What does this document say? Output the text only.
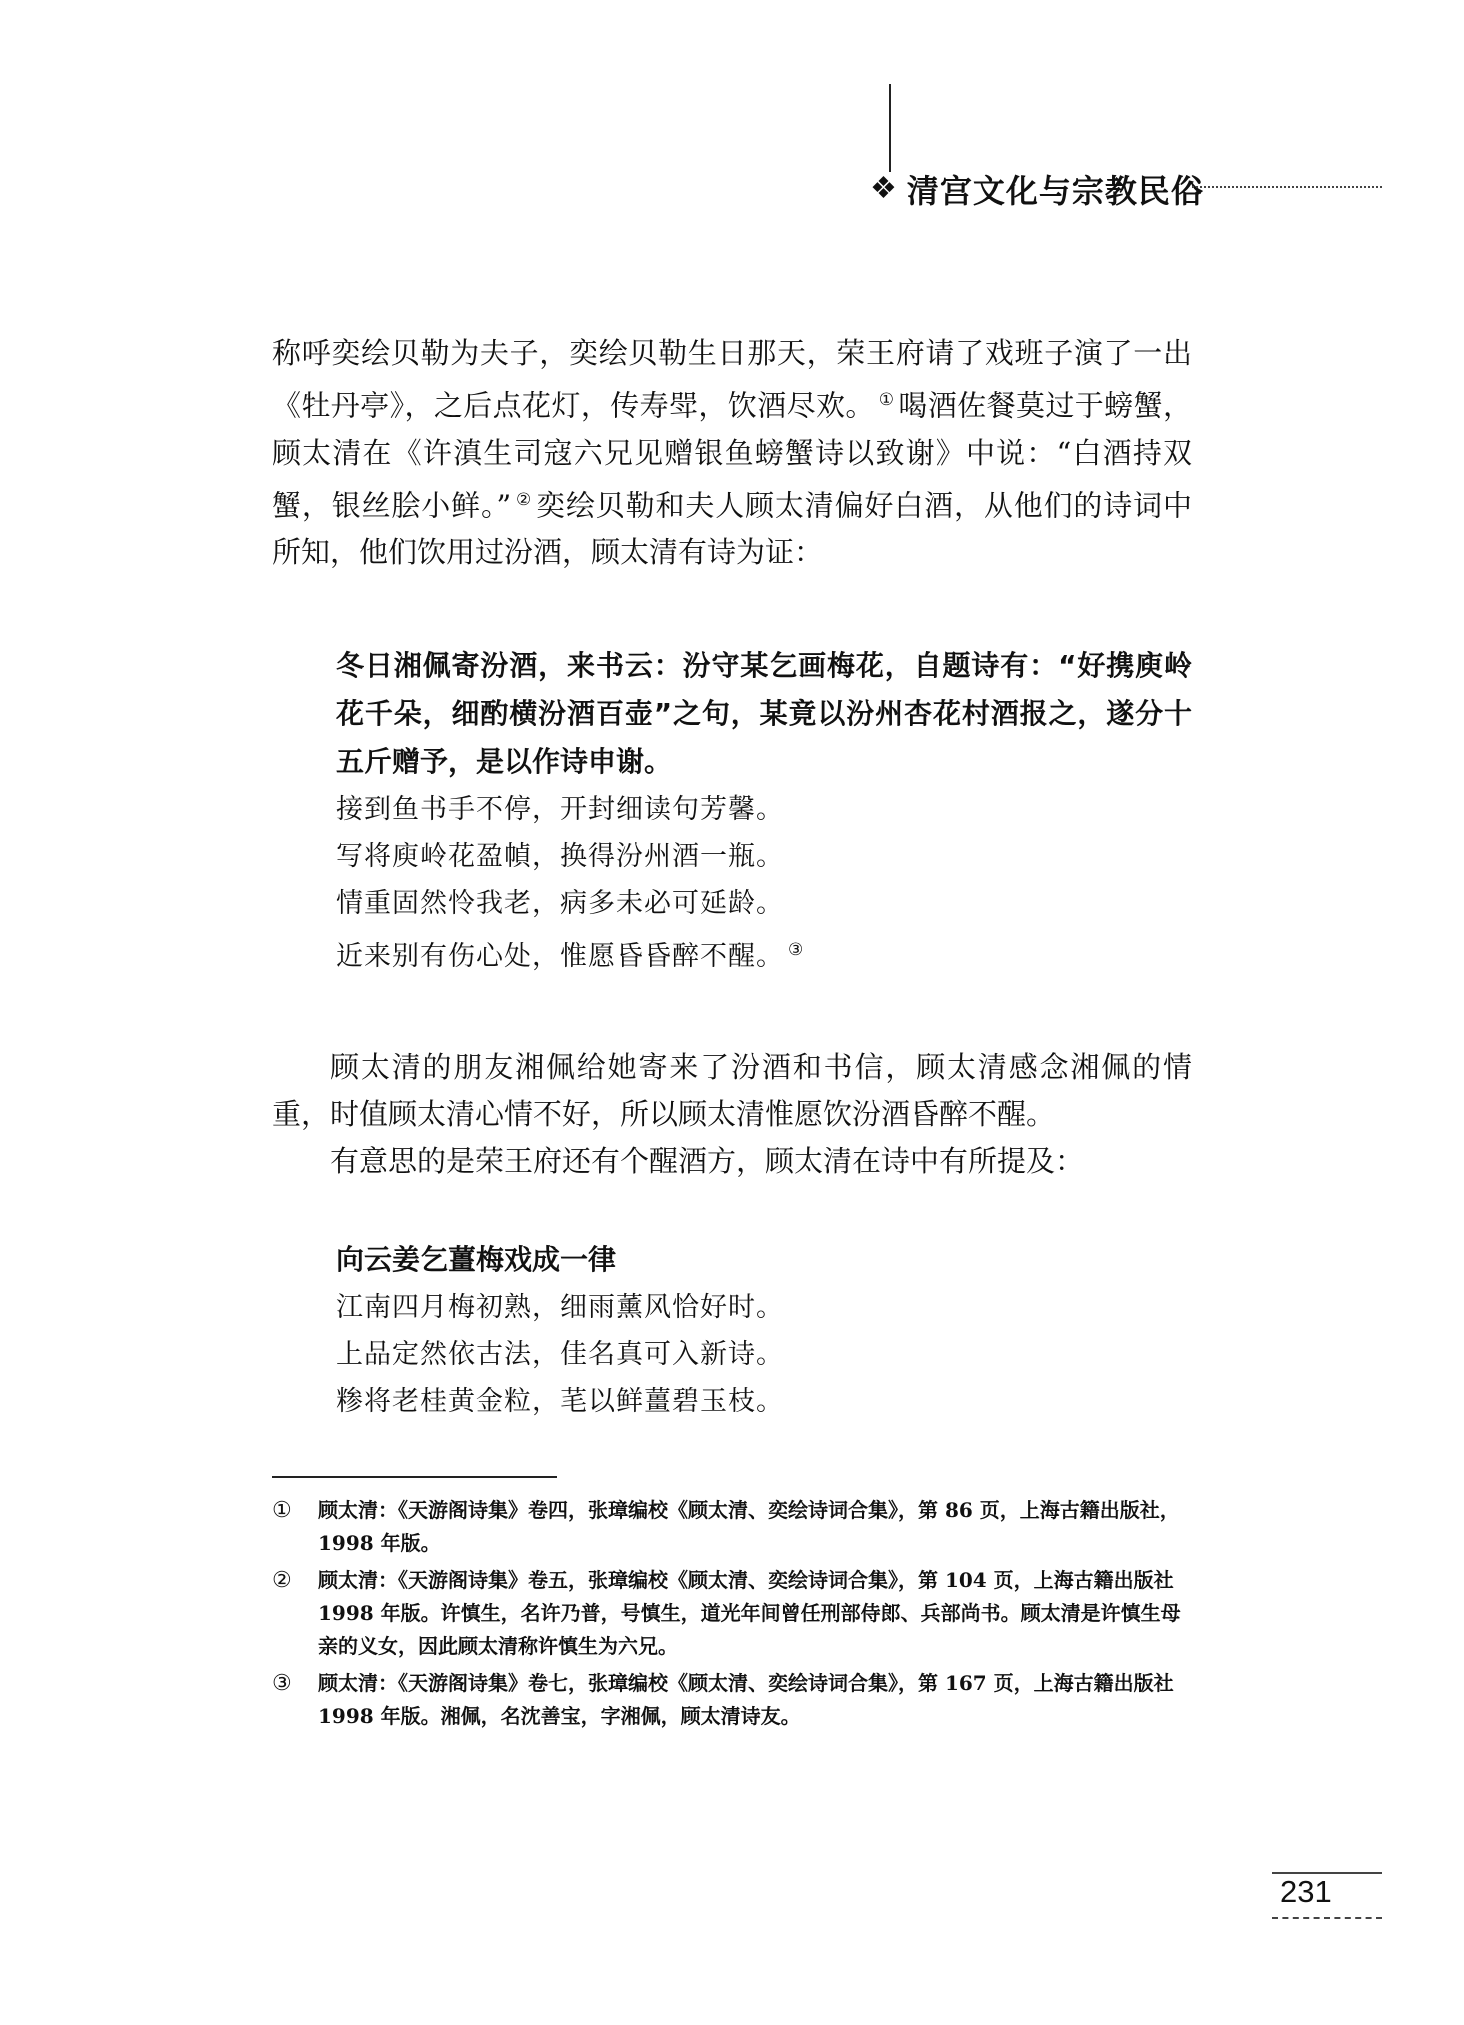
❖ 清宫文化与宗教民俗

称呼奕绘贝勒为夫子，奕绘贝勒生日那天，荣王府请了戏班子演了一出《牡丹亭》，之后点花灯，传寿斝，饮酒尽欢。 ① 喝酒佐餐莫过于螃蟹，顾太清在《许滇生司寇六兄见赠银鱼螃蟹诗以致谢》中说：“白酒持双蟹，银丝脍小鲜。” ② 奕绘贝勒和夫人顾太清偏好白酒，从他们的诗词中所知，他们饮用过汾酒，顾太清有诗为证：

冬日湘佩寄汾酒，来书云：汾守某乞画梅花，自题诗有：“好携庾岭花千朵，细酌横汾酒百壶”之句，某竟以汾州杏花村酒报之，遂分十五斤赠予，是以作诗申谢。

接到鱼书手不停，开封细读句芳馨。

写将庾岭花盈幀，换得汾州酒一瓶。

情重固然怜我老，病多未必可延龄。

近来别有伤心处，惟愿昏昏醉不醒。 ③

顾太清的朋友湘佩给她寄来了汾酒和书信，顾太清感念湘佩的情重，时值顾太清心情不好，所以顾太清惟愿饮汾酒昏醉不醒。

有意思的是荣王府还有个醒酒方，顾太清在诗中有所提及：

向云姜乞薑梅戏成一律

江南四月梅初熟，细雨薰风恰好时。

上品定然依古法，佳名真可入新诗。

糁将老桂黄金粒，芼以鲜薑碧玉枝。

① 顾太清：《天游阁诗集》卷四，张璋编校《顾太清、奕绘诗词合集》，第 86 页，上海古籍出版社，1998 年版。
② 顾太清：《天游阁诗集》卷五，张璋编校《顾太清、奕绘诗词合集》，第 104 页，上海古籍出版社 1998 年版。许慎生，名许乃普，号慎生，道光年间曾任刑部侍郎、兵部尚书。顾太清是许慎生母亲的义女，因此顾太清称许慎生为六兄。
③ 顾太清：《天游阁诗集》卷七，张璋编校《顾太清、奕绘诗词合集》，第 167 页，上海古籍出版社 1998 年版。湘佩，名沈善宝，字湘佩，顾太清诗友。
231
